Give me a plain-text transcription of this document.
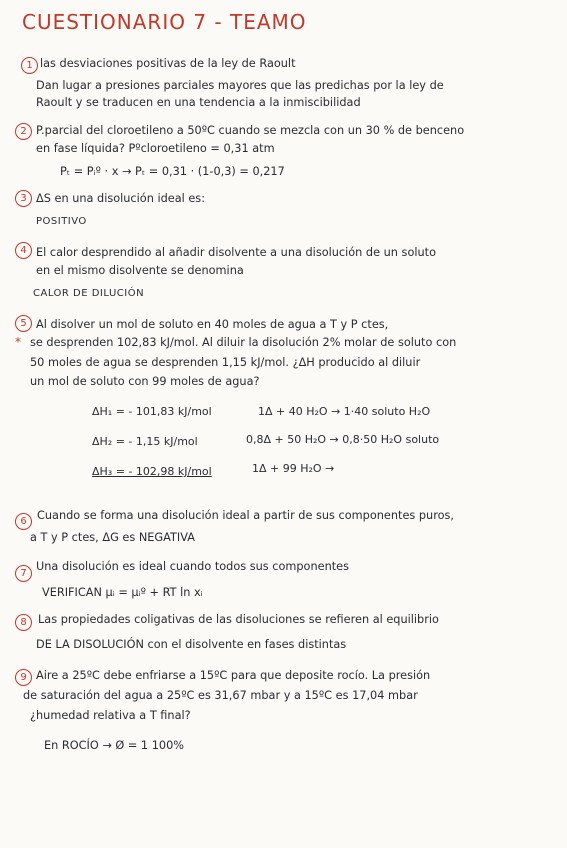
CUESTIONARIO 7 - TEAMO
1 las desviaciones positivas de la ley de Raoult
Dan lugar a presiones parciales mayores que las predichas por la ley de
Raoult y se traducen en una tendencia a la inmiscibilidad
2 P.parcial del cloroetileno a 50ºC cuando se mezcla con un 30 % de benceno
en fase líquida? Pºcloroetileno = 0,31 atm
Pₜ = Pᵢº · x → Pₜ = 0,31 · (1-0,3) = 0,217
3 ΔS en una disolución ideal es:
POSITIVO
4 El calor desprendido al añadir disolvente a una disolución de un soluto
en el mismo disolvente se denomina
CALOR DE DILUCIÓN
5 Al disolver un mol de soluto en 40 moles de agua a T y P ctes,
* se desprenden 102,83 kJ/mol. Al diluir la disolución 2% molar de soluto con
50 moles de agua se desprenden 1,15 kJ/mol. ¿ΔH producido al diluir
un mol de soluto con 99 moles de agua?
ΔH₁ = - 101,83 kJ/mol	1Δ + 40 H₂O → 1·40 soluto H₂O
ΔH₂ = - 1,15 kJ/mol	0,8Δ + 50 H₂O → 0,8·50 H₂O soluto
ΔH₃ = - 102,98 kJ/mol	1Δ + 99 H₂O →
6 Cuando se forma una disolución ideal a partir de sus componentes puros,
a T y P ctes, ΔG es NEGATIVA
7
Una disolución es ideal cuando todos sus componentes
VERIFICAN μᵢ = μᵢº + RT ln xᵢ
8	Las propiedades coligativas de las disoluciones se refieren al equilibrio
DE LA DISOLUCIÓN con el disolvente en fases distintas
9 Aire a 25ºC debe enfriarse a 15ºC para que deposite rocío. La presión
de saturación del agua a 25ºC es 31,67 mbar y a 15ºC es 17,04 mbar
¿humedad relativa a T final?
En ROCÍO → Ø = 1 100%
